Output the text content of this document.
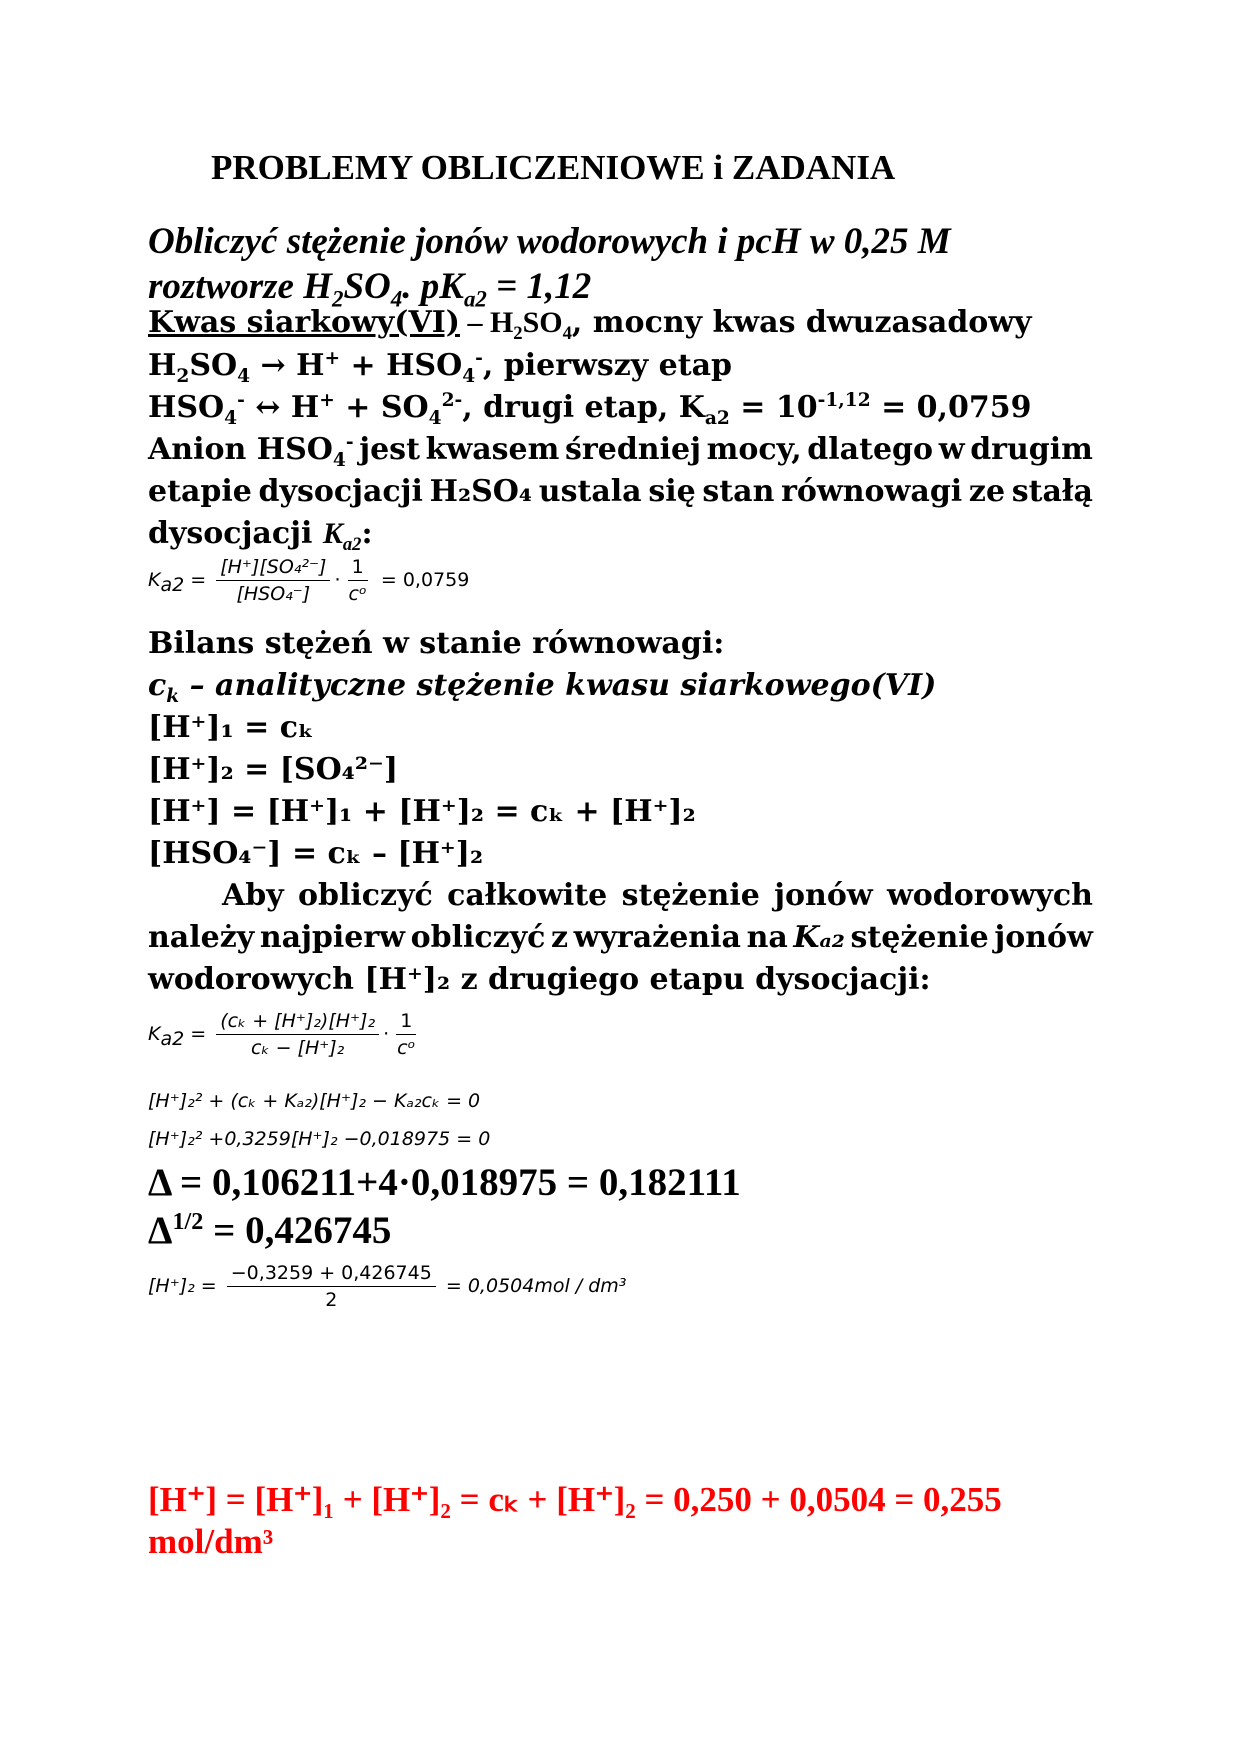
PROBLEMY OBLICZENIOWE i ZADANIA
Obliczyć stężenie jonów wodorowych i pcH w 0,25 M
roztworze $H_2SO_4$. $pK_{a2} = 1,12$
Kwas siarkowy(VI) – $H_2SO_4$, mocny kwas dwuzasadowy
$H_2SO_4 \to H^+ + HSO_4^-$, pierwszy etap
$HSO_4^-$ ↔ $H^+ + SO_4^{2-}$, drugi etap, $K_{a2} = 10^{-1,12} = 0,0759$
Anion $HSO_4^-$ jest kwasem średniej mocy, dlatego w drugim
etapie dysocjacji H₂SO₄ ustala się stan równowagi ze stałą
dysocjacji $K_{a2}$:
$K_{a2} = \frac{\text{[H⁺][SO₄²⁻]}}{\text{[HSO₄⁻]}} \cdot \frac{1}{\text{cᵒ}} = 0,0759$
Bilans stężeń w stanie równowagi:
$c_k$ – analityczne stężenie kwasu siarkowego(VI)
[H⁺]₁ = cₖ
[H⁺]₂ = [SO₄²⁻]
[H⁺] = [H⁺]₁ + [H⁺]₂ = cₖ + [H⁺]₂
[HSO₄⁻] = cₖ – [H⁺]₂
Aby obliczyć całkowite stężenie jonów wodorowych
należy najpierw obliczyć z wyrażenia na Kₐ₂ stężenie jonów
wodorowych [H⁺]₂ z drugiego etapu dysocjacji:
$K_{a2} = \frac{\text{(cₖ + [H⁺]₂)[H⁺]₂}}{\text{cₖ − [H⁺]₂}} \cdot \frac{1}{\text{cᵒ}}$
[H⁺]₂² + (cₖ + Kₐ₂)[H⁺]₂ − Kₐ₂cₖ = 0
[H⁺]₂² +0,3259[H⁺]₂ −0,018975 = 0
Δ = 0,106211+4·0,018975 = 0,182111
$\Delta^{1/2} = 0,426745$
$[H^+]_2 = \frac{-0,3259 + 0,426745}{2} = 0,0504mol / dm^3$
[H⁺] = [H⁺]₁ + [H⁺]₂ = cₖ + [H⁺]₂ = 0,250 + 0,0504 = 0,255
mol/dm³
